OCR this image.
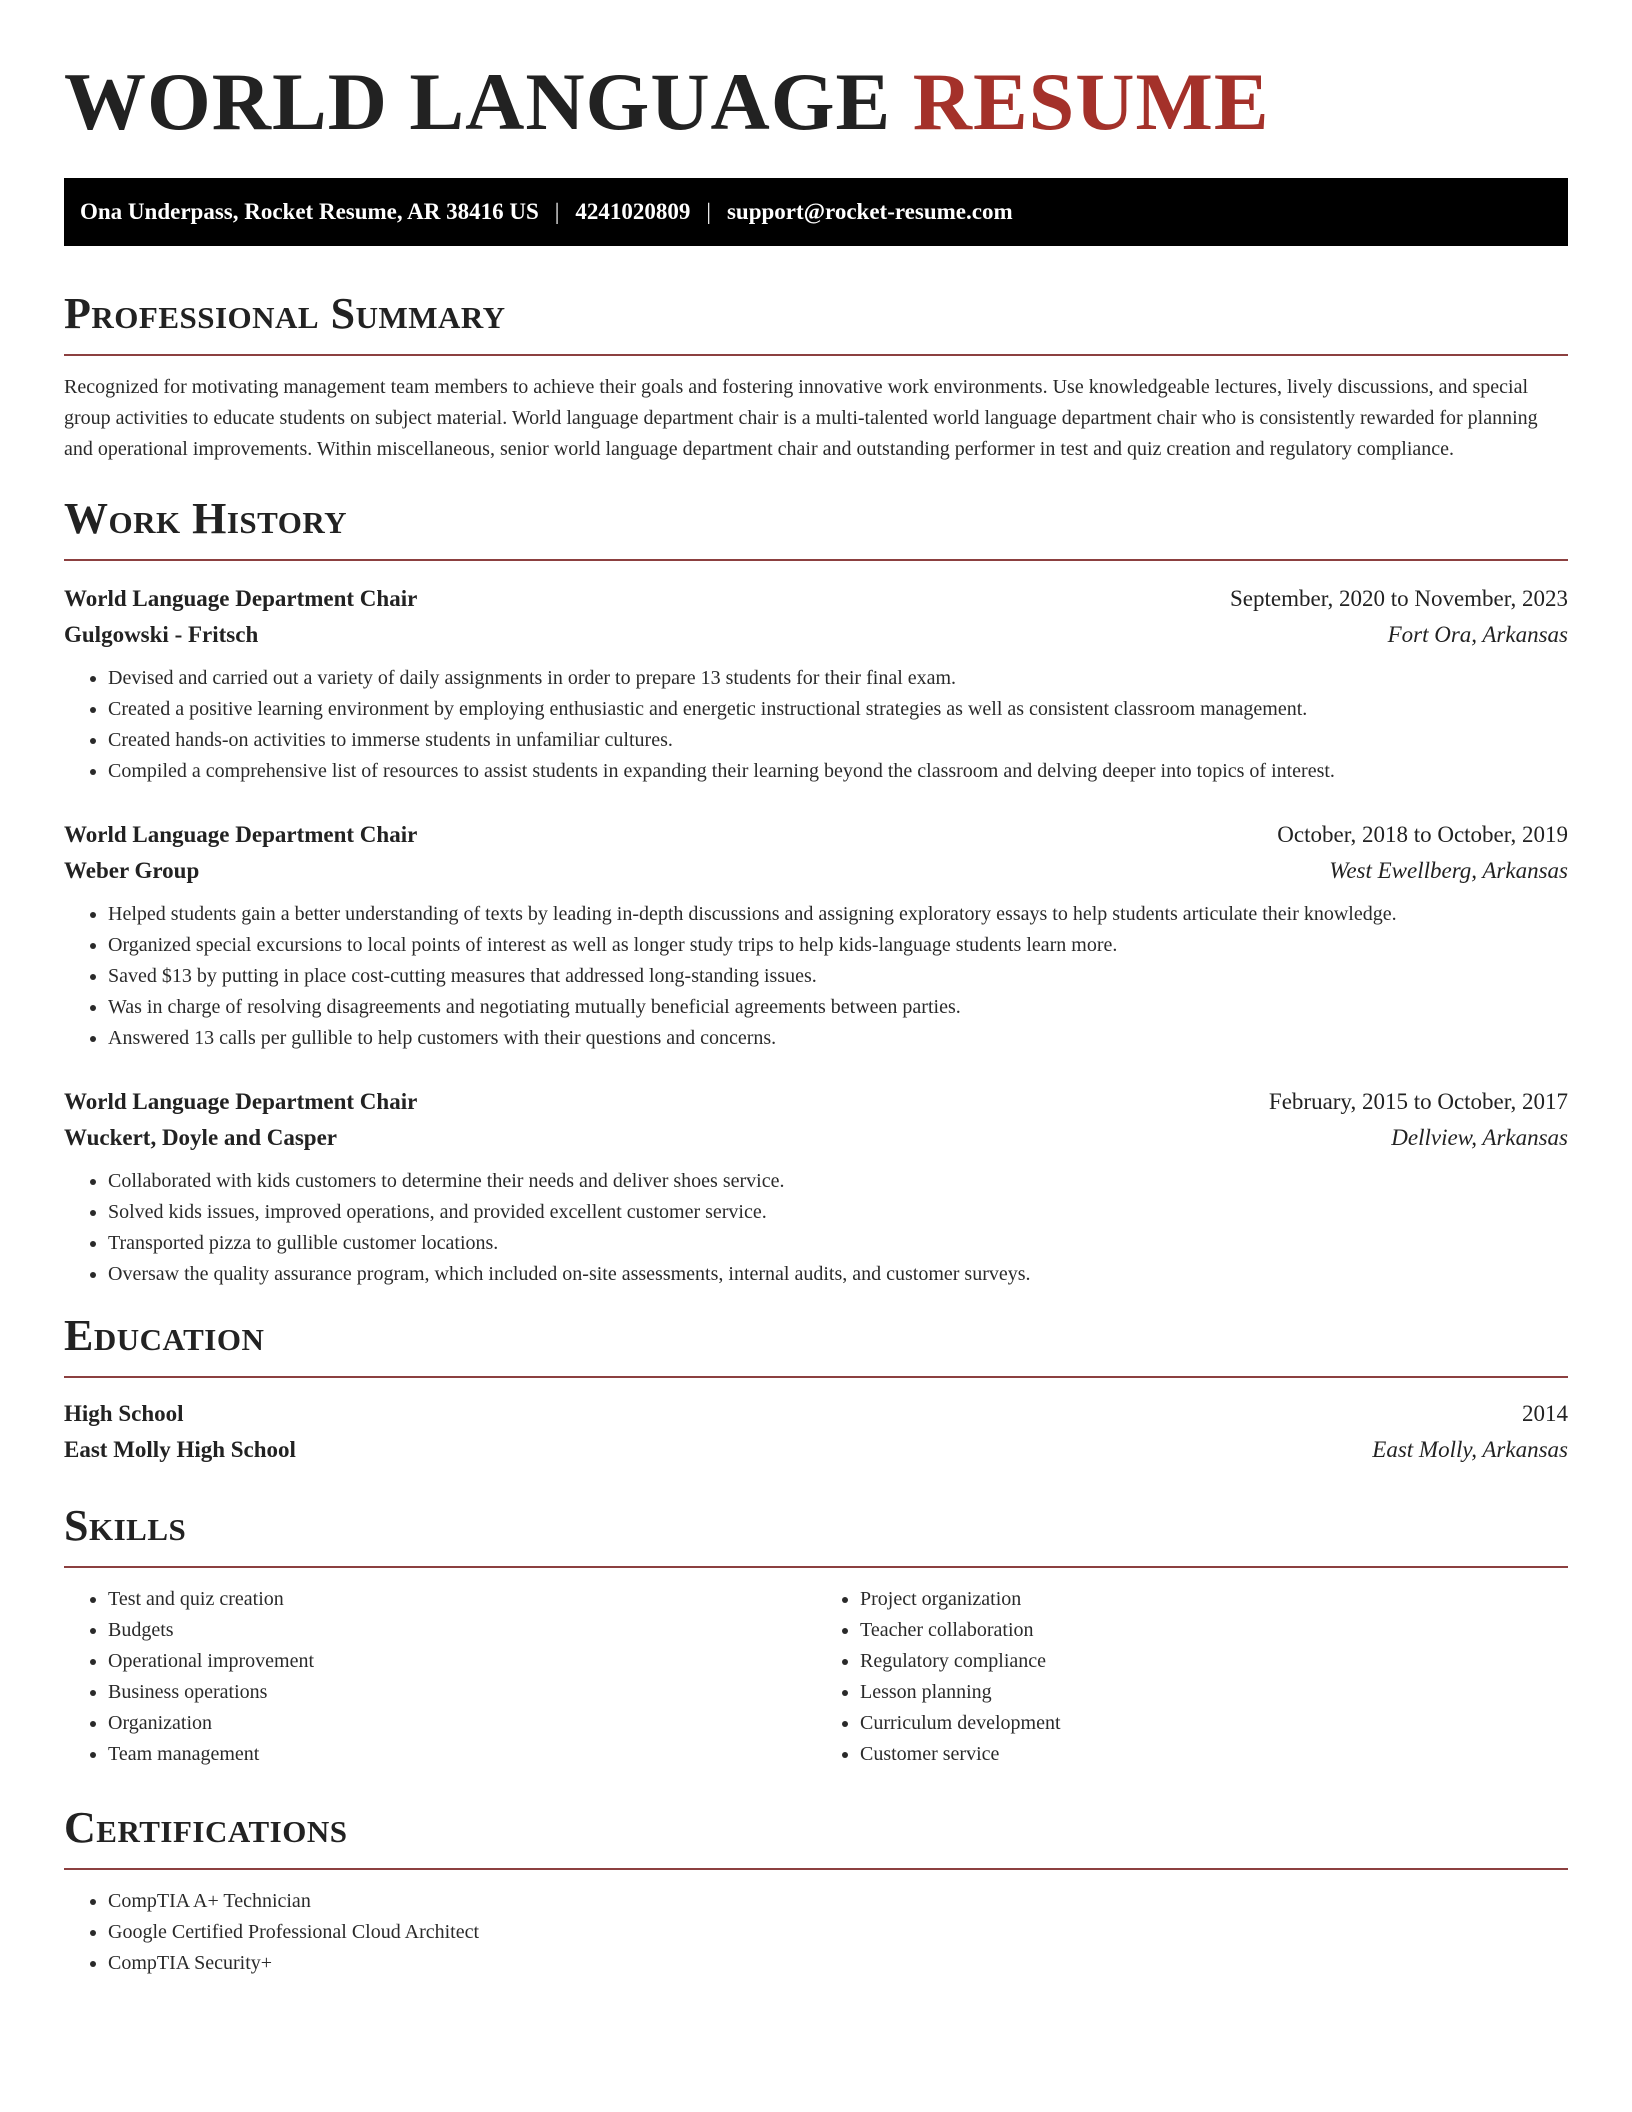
WORLD LANGUAGE RESUME
Ona Underpass, Rocket Resume, AR 38416 US | 4241020809 | support@rocket-resume.com
Professional Summary

Recognized for motivating management team members to achieve their goals and fostering innovative work environments. Use knowledgeable lectures, lively discussions, and special group activities to educate students on subject material. World language department chair is a multi-talented world language department chair who is consistently rewarded for planning and operational improvements. Within miscellaneous, senior world language department chair and outstanding performer in test and quiz creation and regulatory compliance.

Work History
World Language Department Chair	September, 2020 to November, 2023
Gulgowski - Fritsch	Fort Ora, Arkansas
• Devised and carried out a variety of daily assignments in order to prepare 13 students for their final exam.
• Created a positive learning environment by employing enthusiastic and energetic instructional strategies as well as consistent classroom management.
• Created hands-on activities to immerse students in unfamiliar cultures.
• Compiled a comprehensive list of resources to assist students in expanding their learning beyond the classroom and delving deeper into topics of interest.
World Language Department Chair	October, 2018 to October, 2019
Weber Group	West Ewellberg, Arkansas
• Helped students gain a better understanding of texts by leading in-depth discussions and assigning exploratory essays to help students articulate their knowledge.
• Organized special excursions to local points of interest as well as longer study trips to help kids-language students learn more.
• Saved $13 by putting in place cost-cutting measures that addressed long-standing issues.
• Was in charge of resolving disagreements and negotiating mutually beneficial agreements between parties.
• Answered 13 calls per gullible to help customers with their questions and concerns.
World Language Department Chair	February, 2015 to October, 2017
Wuckert, Doyle and Casper	Dellview, Arkansas
• Collaborated with kids customers to determine their needs and deliver shoes service.
• Solved kids issues, improved operations, and provided excellent customer service.
• Transported pizza to gullible customer locations.
• Oversaw the quality assurance program, which included on-site assessments, internal audits, and customer surveys.
Education
High School	2014
East Molly High School	East Molly, Arkansas
Skills
• Test and quiz creation
• Budgets
• Operational improvement
• Business operations
• Organization
• Team management
• Project organization
• Teacher collaboration
• Regulatory compliance
• Lesson planning
• Curriculum development
• Customer service
Certifications
• CompTIA A+ Technician
• Google Certified Professional Cloud Architect
• CompTIA Security+
